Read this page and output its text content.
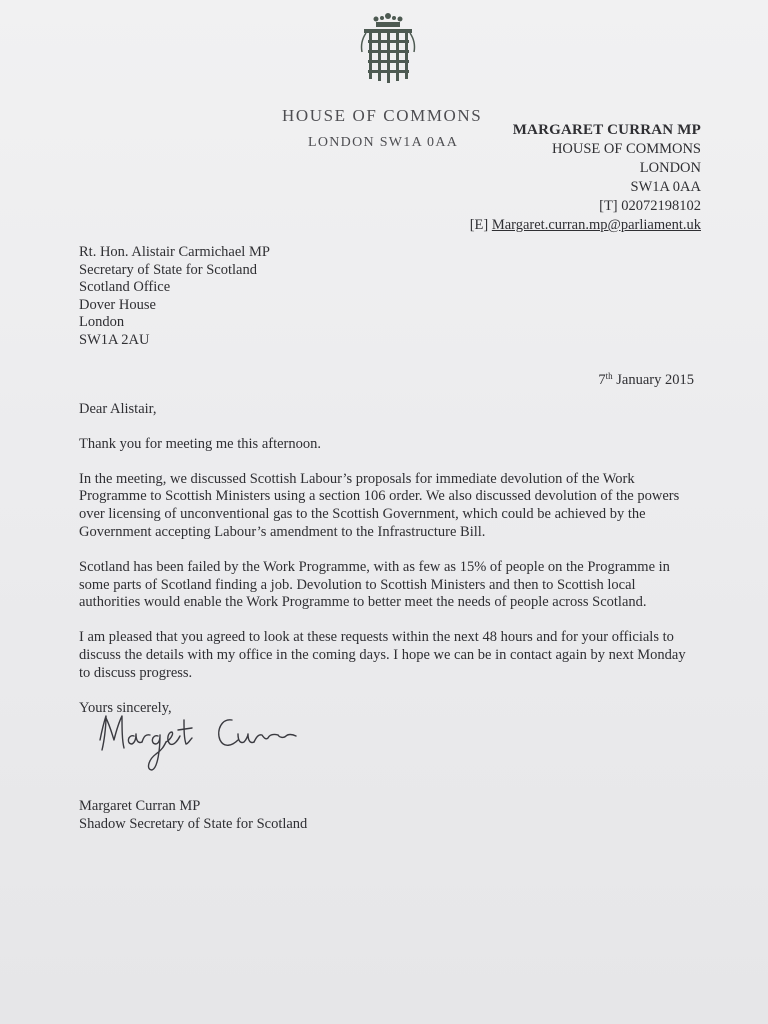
HOUSE OF COMMONS
LONDON SW1A 0AA
MARGARET CURRAN MP
HOUSE OF COMMONS
LONDON
SW1A 0AA
[T] 02072198102
[E] Margaret.curran.mp@parliament.uk
Rt. Hon. Alistair Carmichael MP
Secretary of State for Scotland
Scotland Office
Dover House
London
SW1A 2AU
7th January 2015

Dear Alistair,

Thank you for meeting me this afternoon.

In the meeting, we discussed Scottish Labour’s proposals for immediate devolution of the Work Programme to Scottish Ministers using a section 106 order. We also discussed devolution of the powers over licensing of unconventional gas to the Scottish Government, which could be achieved by the Government accepting Labour’s amendment to the Infrastructure Bill.

Scotland has been failed by the Work Programme, with as few as 15% of people on the Programme in some parts of Scotland finding a job. Devolution to Scottish Ministers and then to Scottish local authorities would enable the Work Programme to better meet the needs of people across Scotland.

I am pleased that you agreed to look at these requests within the next 48 hours and for your officials to discuss the details with my office in the coming days. I hope we can be in contact again by next Monday to discuss progress.

Yours sincerely,

Margaret Curran MP
Shadow Secretary of State for Scotland
